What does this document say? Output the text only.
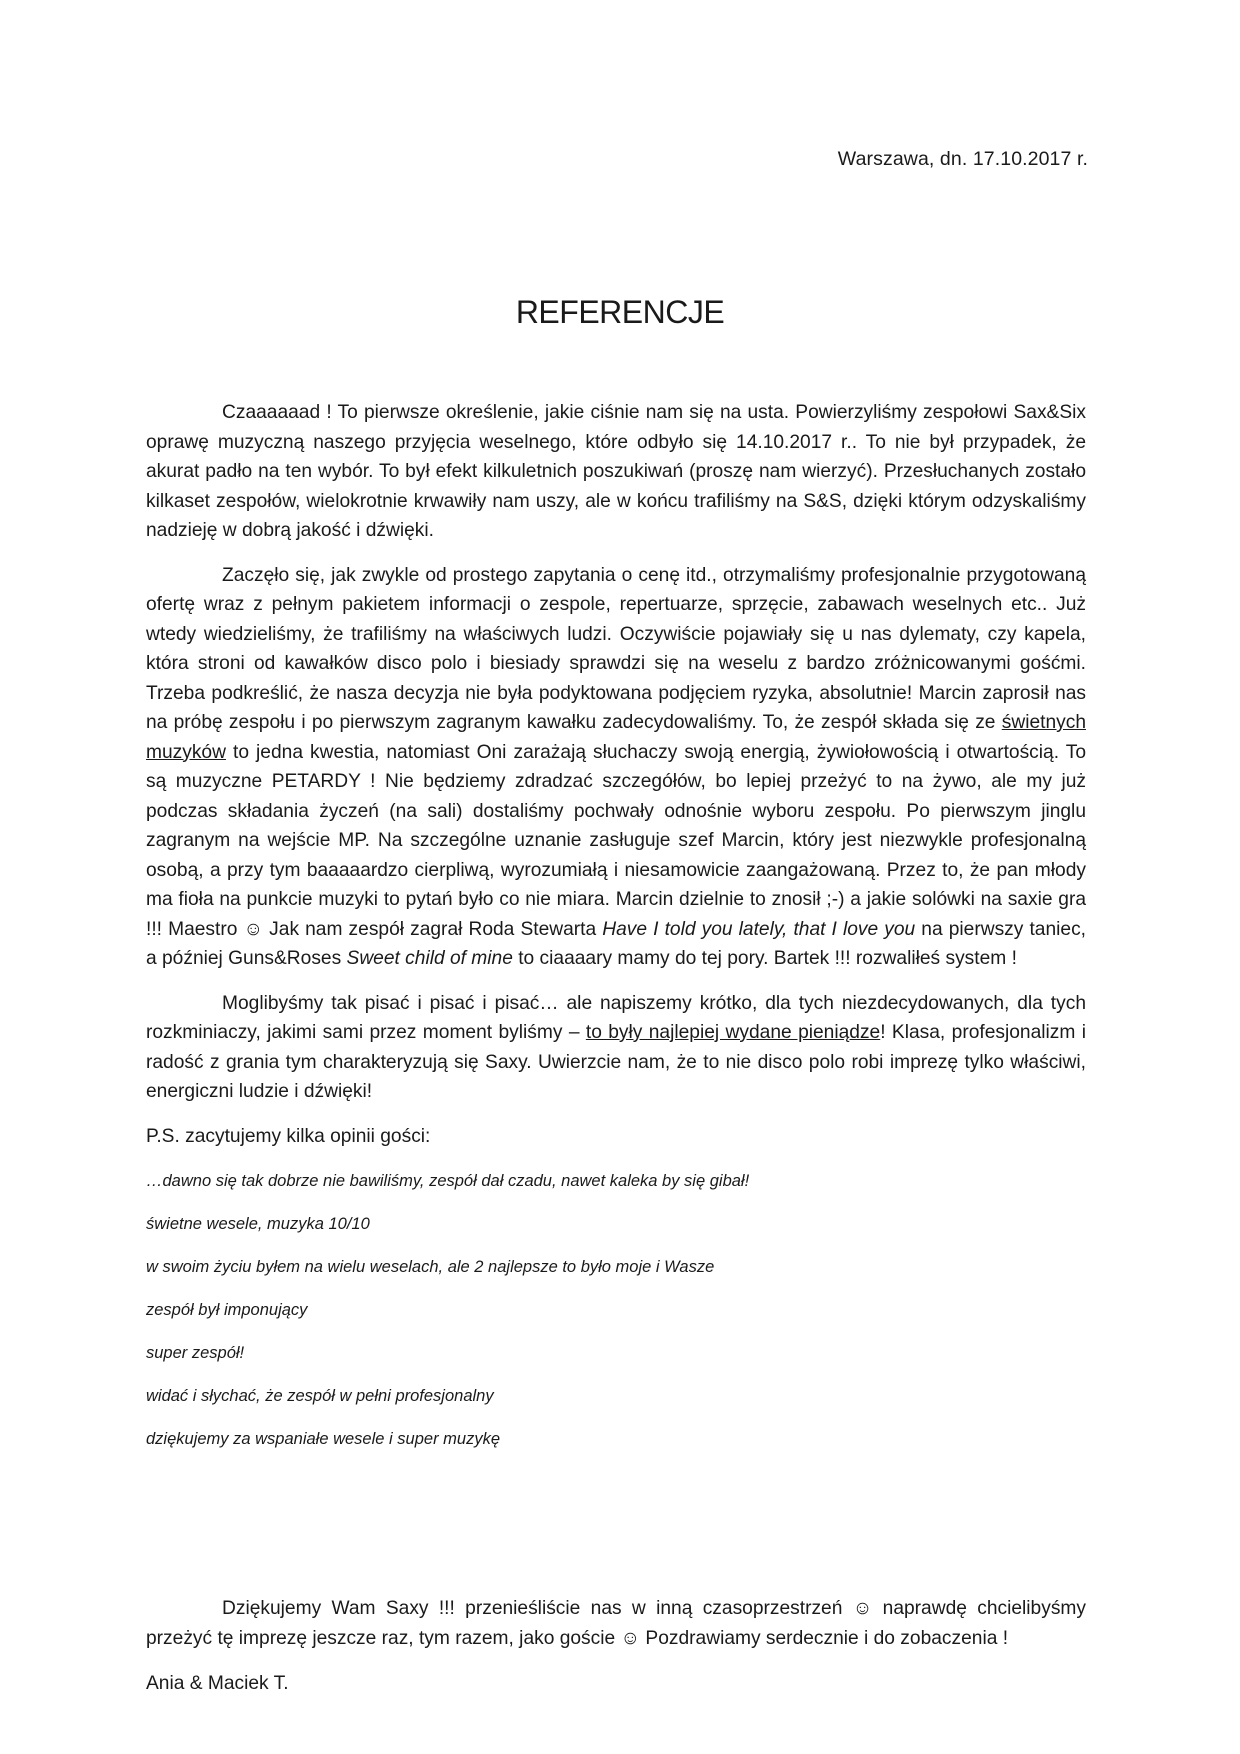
Warszawa, dn. 17.10.2017 r.
REFERENCJE

Czaaaaaad ! To pierwsze określenie, jakie ciśnie nam się na usta. Powierzyliśmy zespołowi Sax&Six oprawę muzyczną naszego przyjęcia weselnego, które odbyło się 14.10.2017 r.. To nie był przypadek, że akurat padło na ten wybór. To był efekt kilkuletnich poszukiwań (proszę nam wierzyć). Przesłuchanych zostało kilkaset zespołów, wielokrotnie krwawiły nam uszy, ale w końcu trafiliśmy na S&S, dzięki którym odzyskaliśmy nadzieję w dobrą jakość i dźwięki.

Zaczęło się, jak zwykle od prostego zapytania o cenę itd., otrzymaliśmy profesjonalnie przygotowaną ofertę wraz z pełnym pakietem informacji o zespole, repertuarze, sprzęcie, zabawach weselnych etc.. Już wtedy wiedzieliśmy, że trafiliśmy na właściwych ludzi. Oczywiście pojawiały się u nas dylematy, czy kapela, która stroni od kawałków disco polo i biesiady sprawdzi się na weselu z bardzo zróżnicowanymi gośćmi. Trzeba podkreślić, że nasza decyzja nie była podyktowana podjęciem ryzyka, absolutnie! Marcin zaprosił nas na próbę zespołu i po pierwszym zagranym kawałku zadecydowaliśmy. To, że zespół składa się ze świetnych muzyków to jedna kwestia, natomiast Oni zarażają słuchaczy swoją energią, żywiołowością i otwartością. To są muzyczne PETARDY ! Nie będziemy zdradzać szczegółów, bo lepiej przeżyć to na żywo, ale my już podczas składania życzeń (na sali) dostaliśmy pochwały odnośnie wyboru zespołu. Po pierwszym jinglu zagranym na wejście MP. Na szczególne uznanie zasługuje szef Marcin, który jest niezwykle profesjonalną osobą, a przy tym baaaaardzo cierpliwą, wyrozumiałą i niesamowicie zaangażowaną. Przez to, że pan młody ma fioła na punkcie muzyki to pytań było co nie miara. Marcin dzielnie to znosił ;-) a jakie solówki na saxie gra !!! Maestro ☺ Jak nam zespół zagrał Roda Stewarta Have I told you lately, that I love you na pierwszy taniec, a później Guns&Roses Sweet child of mine to ciaaaary mamy do tej pory. Bartek !!! rozwaliłeś system !

Moglibyśmy tak pisać i pisać i pisać… ale napiszemy krótko, dla tych niezdecydowanych, dla tych rozkminiaczy, jakimi sami przez moment byliśmy – to były najlepiej wydane pieniądze! Klasa, profesjonalizm i radość z grania tym charakteryzują się Saxy. Uwierzcie nam, że to nie disco polo robi imprezę tylko właściwi, energiczni ludzie i dźwięki!

P.S. zacytujemy kilka opinii gości:

…dawno się tak dobrze nie bawiliśmy, zespół dał czadu, nawet kaleka by się gibał!
świetne wesele, muzyka 10/10
w swoim życiu byłem na wielu weselach, ale 2 najlepsze to było moje i Wasze
zespół był imponujący
super zespół!
widać i słychać, że zespół w pełni profesjonalny
dziękujemy za wspaniałe wesele i super muzykę

Dziękujemy Wam Saxy !!! przenieśliście nas w inną czasoprzestrzeń ☺ naprawdę chcielibyśmy przeżyć tę imprezę jeszcze raz, tym razem, jako goście ☺ Pozdrawiamy serdecznie i do zobaczenia !

Ania & Maciek T.
